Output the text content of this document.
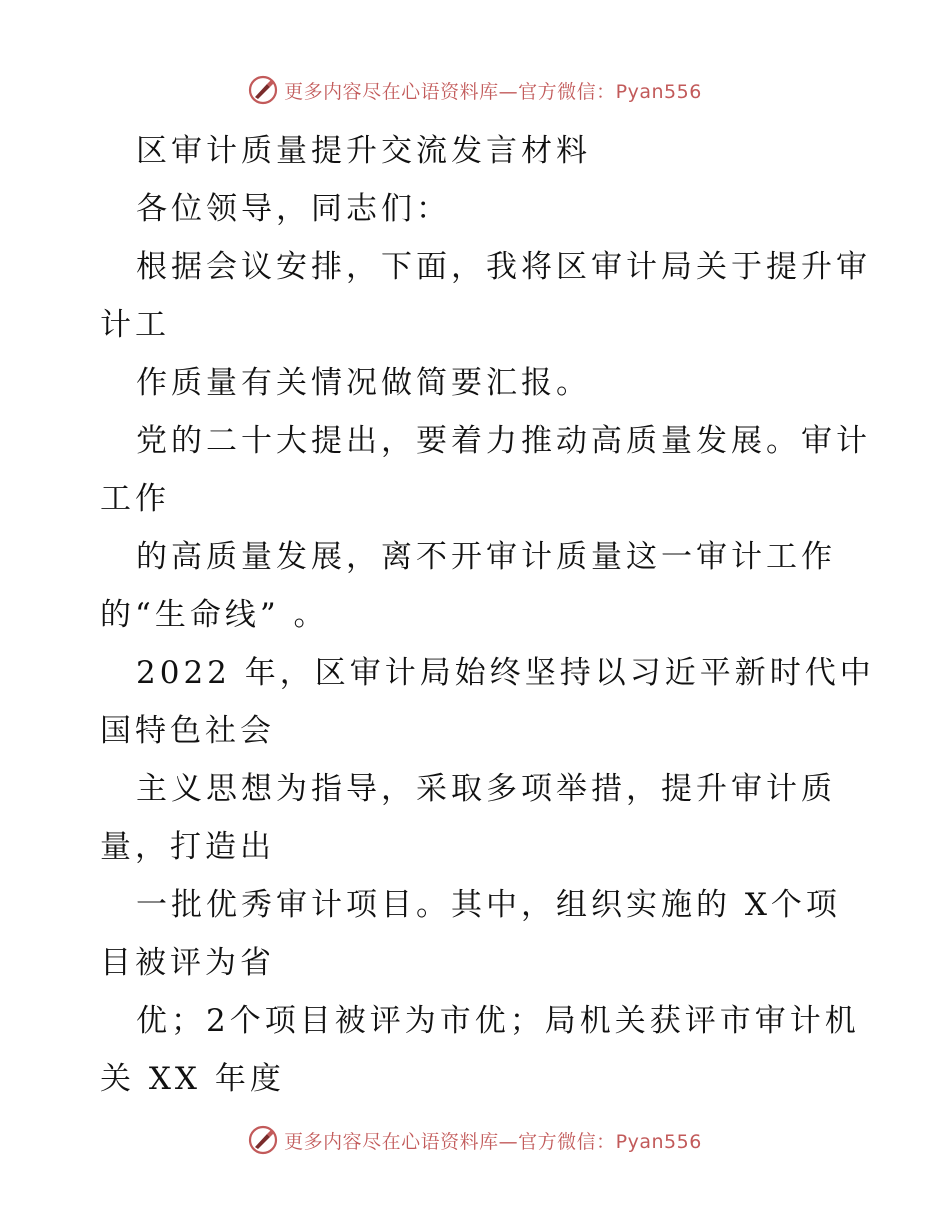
更多内容尽在心语资料库—官方微信：Pyan556
区审计质量提升交流发言材料
各位领导，同志们：
根据会议安排，下面，我将区审计局关于提升审
计工
作质量有关情况做简要汇报。
党的二十大提出，要着力推动高质量发展。审计
工作
的高质量发展，离不开审计质量这一审计工作
的“生命线” 。
2022 年，区审计局始终坚持以习近平新时代中
国特色社会
主义思想为指导，采取多项举措，提升审计质
量，打造出
一批优秀审计项目。其中，组织实施的 X个项
目被评为省
优；2个项目被评为市优；局机关获评市审计机
关 XX 年度
更多内容尽在心语资料库—官方微信：Pyan556
